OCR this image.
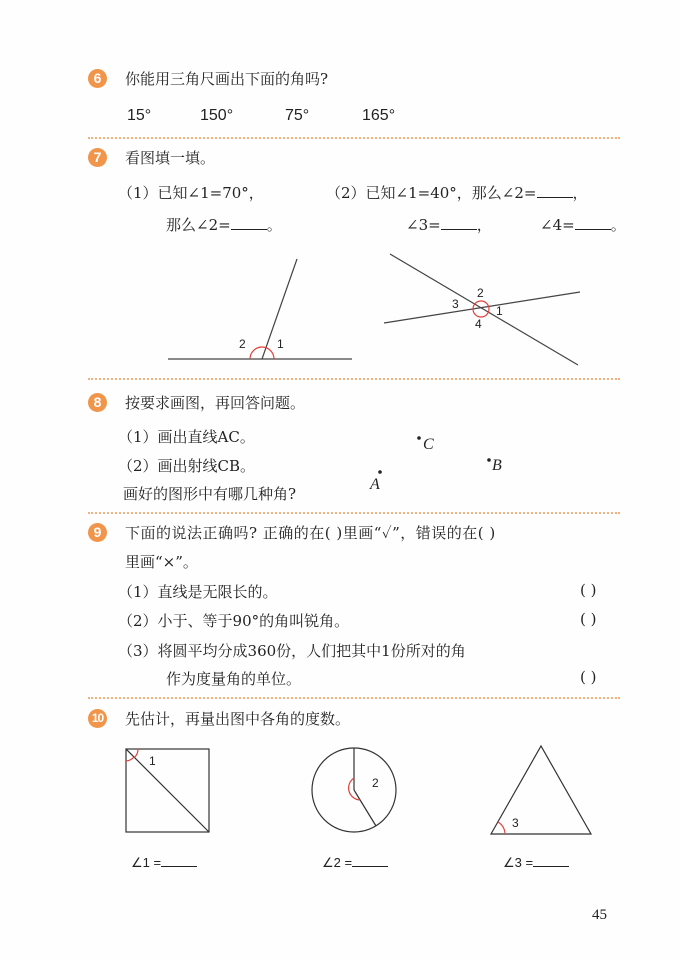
6	你能用三角尺画出下面的角吗?
15°	150°	75°	165°
7	看图填一填。
（1）已知∠1=70°，
那么∠2= 。
（2）已知∠1=40°，那么∠2= ，
∠3= ，	∠4= 。
2	1
2
3	1
4
8	按要求画图，再回答问题。
（1）画出直线AC。
（2）画出射线CB。
画好的图形中有哪几种角?
C
B
A
9	下面的说法正确吗? 正确的在( )里画“✓”，错误的在( )
里画“×”。
（1）直线是无限长的。
（2）小于、等于90°的角叫锐角。
（3）将圆平均分成360份，人们把其中1份所对的角
作为度量角的单位。
( )
( )
( )
10 先估计，再量出图中各角的度数。
1
2
3
∠1 =	∠2 =	∠3 =
45
